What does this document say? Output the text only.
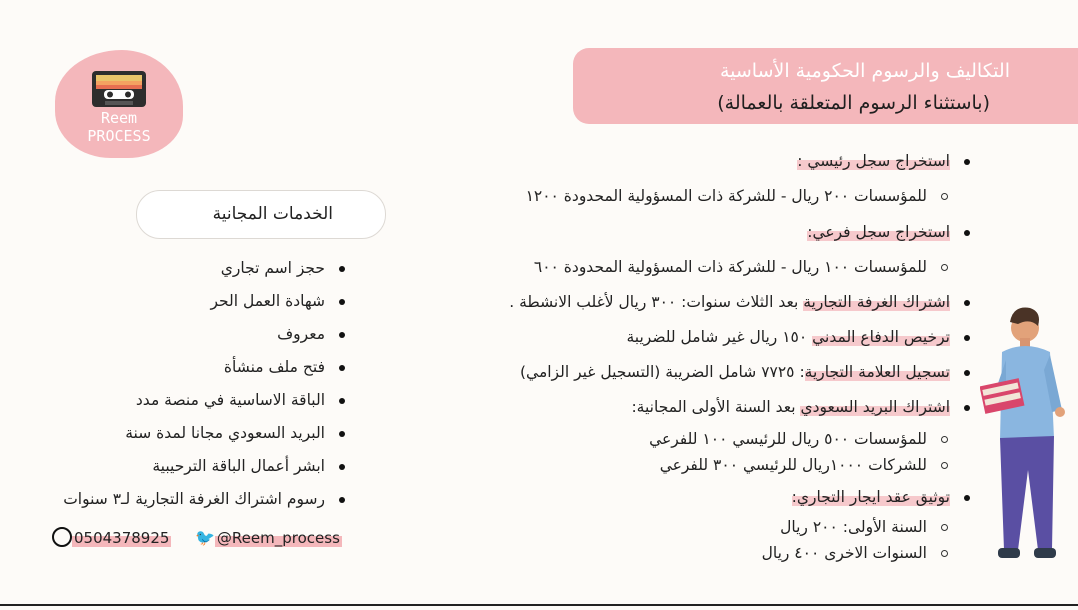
التكاليف والرسوم الحكومية الأساسية
(باستثناء الرسوم المتعلقة بالعمالة)
Reem
PROCESS
الخدمات المجانية
حجز اسم تجاري
شهادة العمل الحر
معروف
فتح ملف منشأة
الباقة الاساسية في منصة مدد
البريد السعودي مجانا لمدة سنة
ابشر أعمال الباقة الترحيبية
رسوم اشتراك الغرفة التجارية لـ٣ سنوات
استخراج سجل رئيسي :
للمؤسسات ٢٠٠ ريال - للشركة ذات المسؤولية المحدودة ١٢٠٠
استخراج سجل فرعي:
للمؤسسات ١٠٠ ريال - للشركة ذات المسؤولية المحدودة ٦٠٠
اشتراك الغرفة التجارية بعد الثلاث سنوات: ٣٠٠ ريال لأغلب الانشطة .
ترخيص الدفاع المدني ١٥٠ ريال غير شامل للضريبة
تسجيل العلامة التجارية: ٧٧٢٥ شامل الضريبة (التسجيل غير الزامي)
اشتراك البريد السعودي بعد السنة الأولى المجانية:
للمؤسسات ٥٠٠ ريال للرئيسي ١٠٠ للفرعي
للشركات ١٠٠٠ريال للرئيسي ٣٠٠ للفرعي
توثيق عقد ايجار التجاري:
السنة الأولى: ٢٠٠ ريال
السنوات الاخرى ٤٠٠ ريال
🐦 @Reem_process
0504378925
